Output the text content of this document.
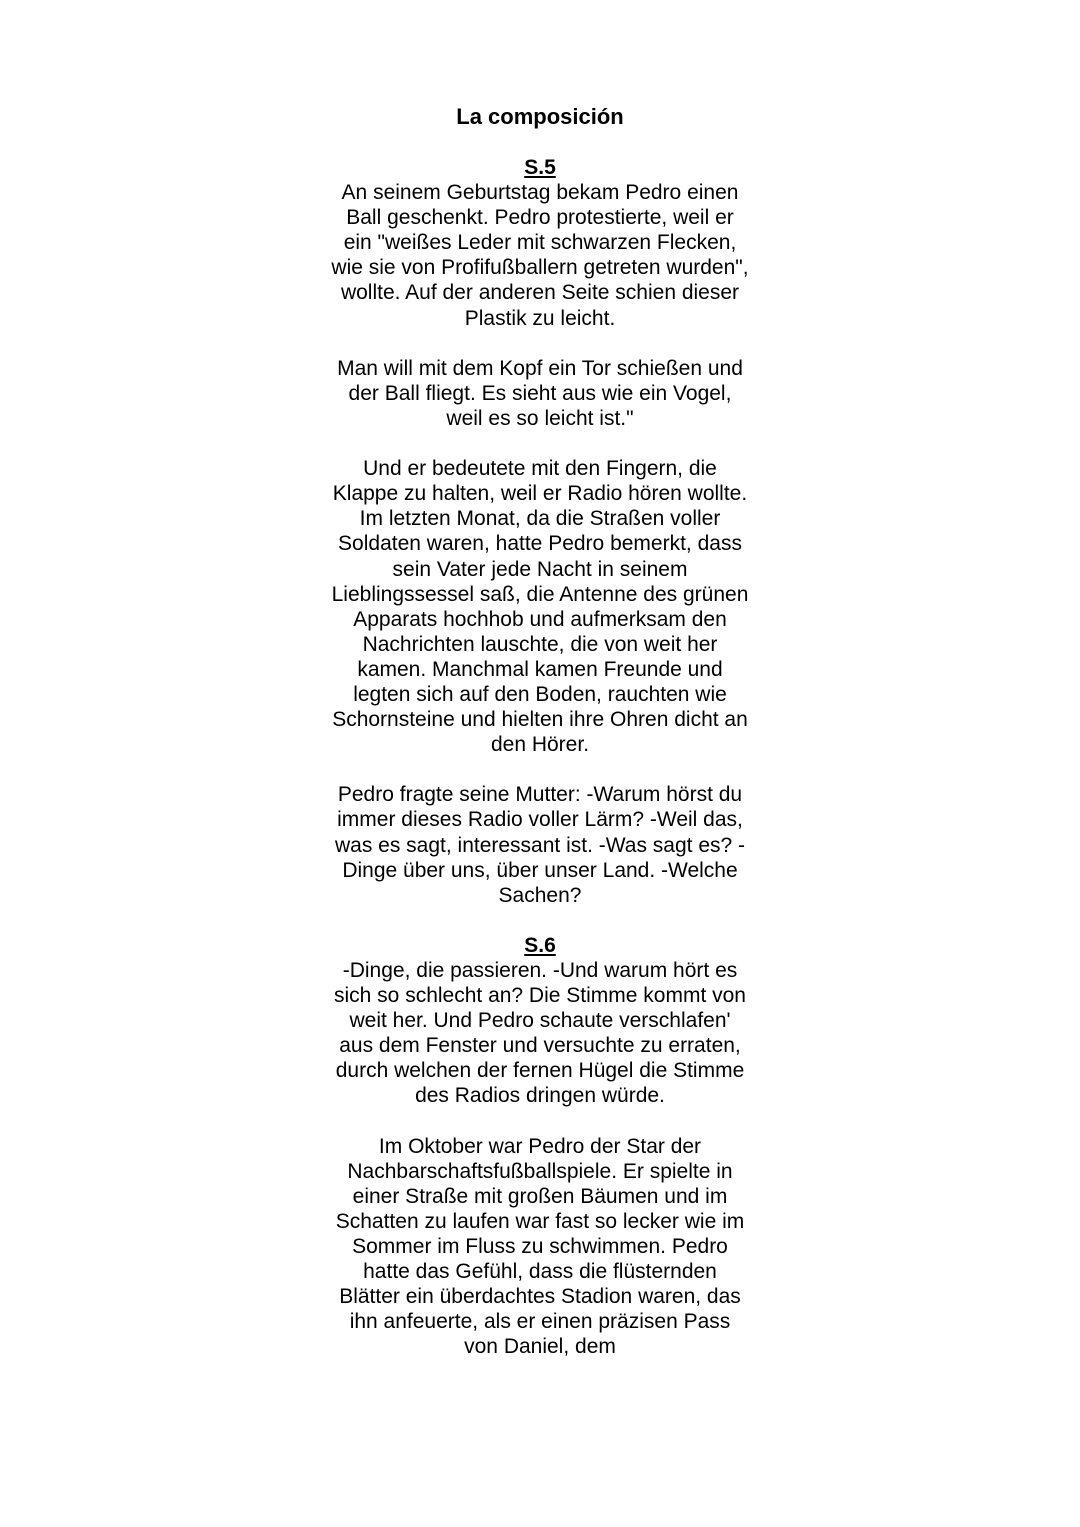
La composición
S.5

An seinem Geburtstag bekam Pedro einen Ball geschenkt. Pedro protestierte, weil er ein "weißes Leder mit schwarzen Flecken, wie sie von Profifußballern getreten wurden", wollte. Auf der anderen Seite schien dieser Plastik zu leicht.

Man will mit dem Kopf ein Tor schießen und der Ball fliegt. Es sieht aus wie ein Vogel, weil es so leicht ist."

Und er bedeutete mit den Fingern, die Klappe zu halten, weil er Radio hören wollte. Im letzten Monat, da die Straßen voller Soldaten waren, hatte Pedro bemerkt, dass sein Vater jede Nacht in seinem Lieblingssessel saß, die Antenne des grünen Apparats hochhob und aufmerksam den Nachrichten lauschte, die von weit her kamen. Manchmal kamen Freunde und legten sich auf den Boden, rauchten wie Schornsteine und hielten ihre Ohren dicht an den Hörer.

Pedro fragte seine Mutter: -Warum hörst du immer dieses Radio voller Lärm? -Weil das, was es sagt, interessant ist. -Was sagt es? -Dinge über uns, über unser Land. -Welche Sachen?

S.6

-Dinge, die passieren. -Und warum hört es sich so schlecht an? Die Stimme kommt von weit her. Und Pedro schaute verschlafen' aus dem Fenster und versuchte zu erraten, durch welchen der fernen Hügel die Stimme des Radios dringen würde.

Im Oktober war Pedro der Star der Nachbarschaftsfußballspiele. Er spielte in einer Straße mit großen Bäumen und im Schatten zu laufen war fast so lecker wie im Sommer im Fluss zu schwimmen. Pedro hatte das Gefühl, dass die flüsternden Blätter ein überdachtes Stadion waren, das ihn anfeuerte, als er einen präzisen Pass von Daniel, dem
